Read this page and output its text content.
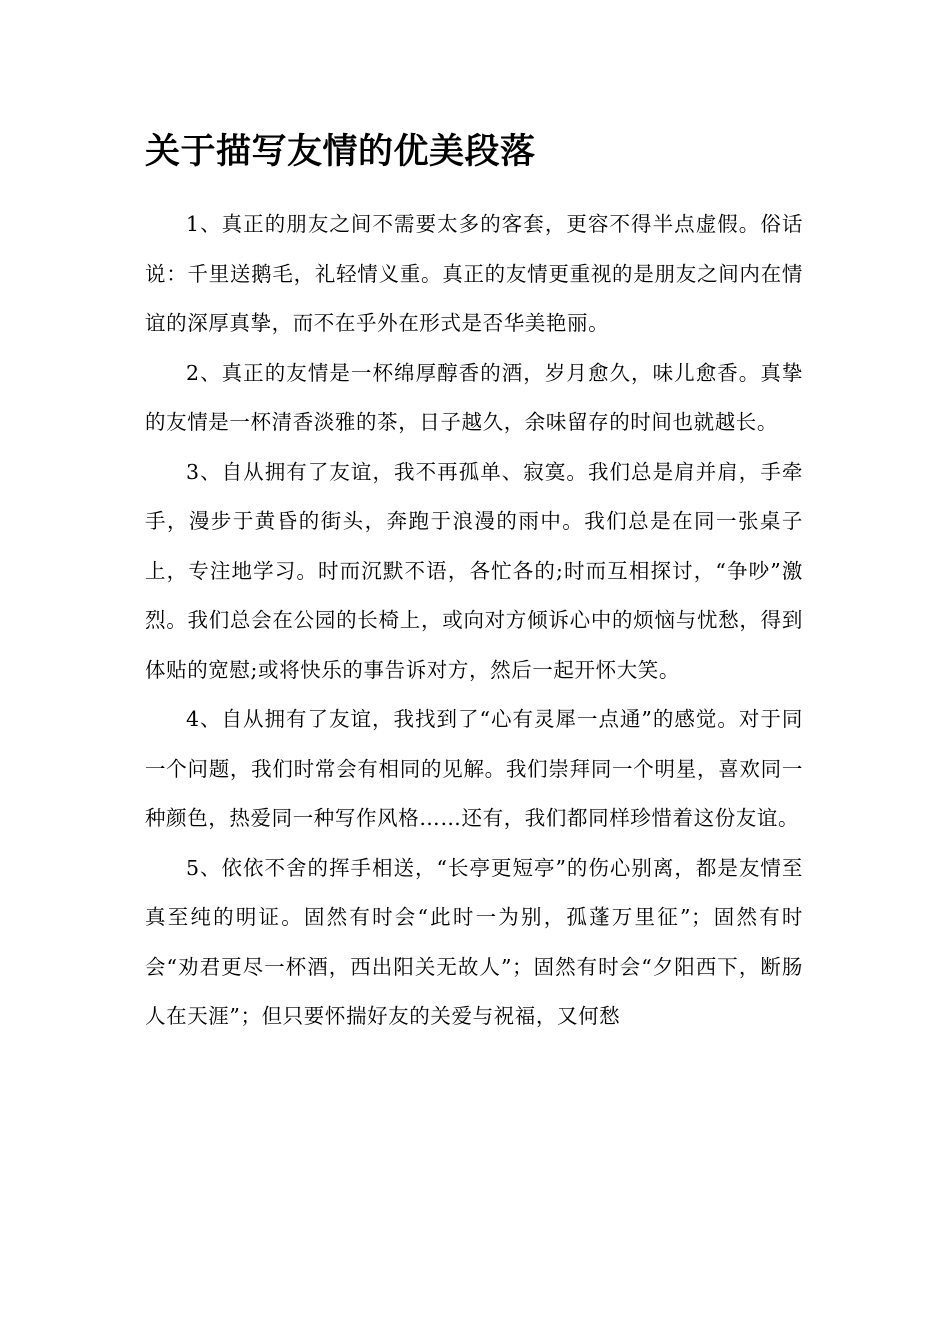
关于描写友情的优美段落

1、真正的朋友之间不需要太多的客套，更容不得半点虚假。俗话说：千里送鹅毛，礼轻情义重。真正的友情更重视的是朋友之间内在情谊的深厚真挚，而不在乎外在形式是否华美艳丽。

2、真正的友情是一杯绵厚醇香的酒，岁月愈久，味儿愈香。真挚的友情是一杯清香淡雅的茶，日子越久，余味留存的时间也就越长。

3、自从拥有了友谊，我不再孤单、寂寞。我们总是肩并肩，手牵手，漫步于黄昏的街头，奔跑于浪漫的雨中。我们总是在同一张桌子上，专注地学习。时而沉默不语，各忙各的;时而互相探讨，“争吵”激烈。我们总会在公园的长椅上，或向对方倾诉心中的烦恼与忧愁，得到体贴的宽慰;或将快乐的事告诉对方，然后一起开怀大笑。

4、自从拥有了友谊，我找到了“心有灵犀一点通”的感觉。对于同一个问题，我们时常会有相同的见解。我们崇拜同一个明星，喜欢同一种颜色，热爱同一种写作风格……还有，我们都同样珍惜着这份友谊。

5、依依不舍的挥手相送，“长亭更短亭”的伤心别离，都是友情至真至纯的明证。固然有时会“此时一为别，孤蓬万里征”；固然有时会“劝君更尽一杯酒，西出阳关无故人”；固然有时会“夕阳西下，断肠人在天涯”；但只要怀揣好友的关爱与祝福，又何愁
